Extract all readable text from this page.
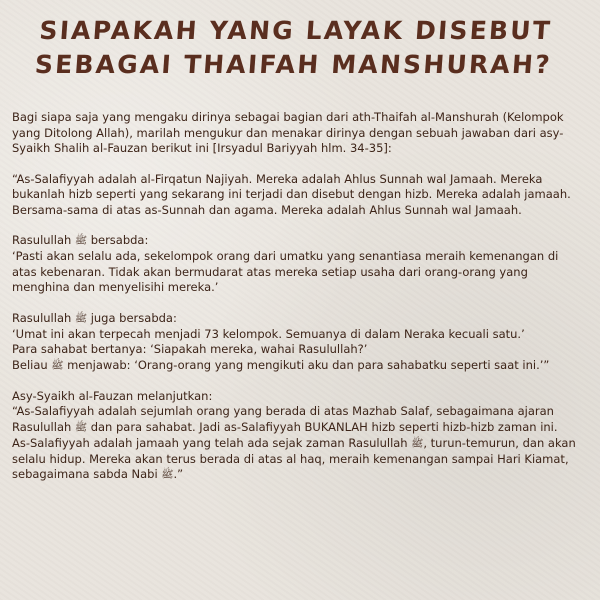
SIAPAKAH YANG LAYAK DISEBUT
SEBAGAI THAIFAH MANSHURAH?

Bagi siapa saja yang mengaku dirinya sebagai bagian dari ath-Thaifah al-Manshurah (Kelompok yang Ditolong Allah), marilah mengukur dan menakar dirinya dengan sebuah jawaban dari asy-Syaikh Shalih al-Fauzan berikut ini [Irsyadul Bariyyah hlm. 34-35]:

“As-Salafiyyah adalah al-Firqatun Najiyah. Mereka adalah Ahlus Sunnah wal Jamaah. Mereka bukanlah hizb seperti yang sekarang ini terjadi dan disebut dengan hizb. Mereka adalah jamaah. Bersama-sama di atas as-Sunnah dan agama. Mereka adalah Ahlus Sunnah wal Jamaah.

Rasulullah ﷺ bersabda:

‘Pasti akan selalu ada, sekelompok orang dari umatku yang senantiasa meraih kemenangan di atas kebenaran. Tidak akan bermudarat atas mereka setiap usaha dari orang-orang yang menghina dan menyelisihi mereka.’

Rasulullah ﷺ juga bersabda:

‘Umat ini akan terpecah menjadi 73 kelompok. Semuanya di dalam Neraka kecuali satu.’

Para sahabat bertanya: ‘Siapakah mereka, wahai Rasulullah?’

Beliau ﷺ menjawab: ‘Orang-orang yang mengikuti aku dan para sahabatku seperti saat ini.’”

Asy-Syaikh al-Fauzan melanjutkan:

“As-Salafiyyah adalah sejumlah orang yang berada di atas Mazhab Salaf, sebagaimana ajaran Rasulullah ﷺ dan para sahabat. Jadi as-Salafiyyah BUKANLAH hizb seperti hizb-hizb zaman ini. As-Salafiyyah adalah jamaah yang telah ada sejak zaman Rasulullah ﷺ, turun-temurun, dan akan selalu hidup. Mereka akan terus berada di atas al haq, meraih kemenangan sampai Hari Kiamat, sebagaimana sabda Nabi ﷺ.”
